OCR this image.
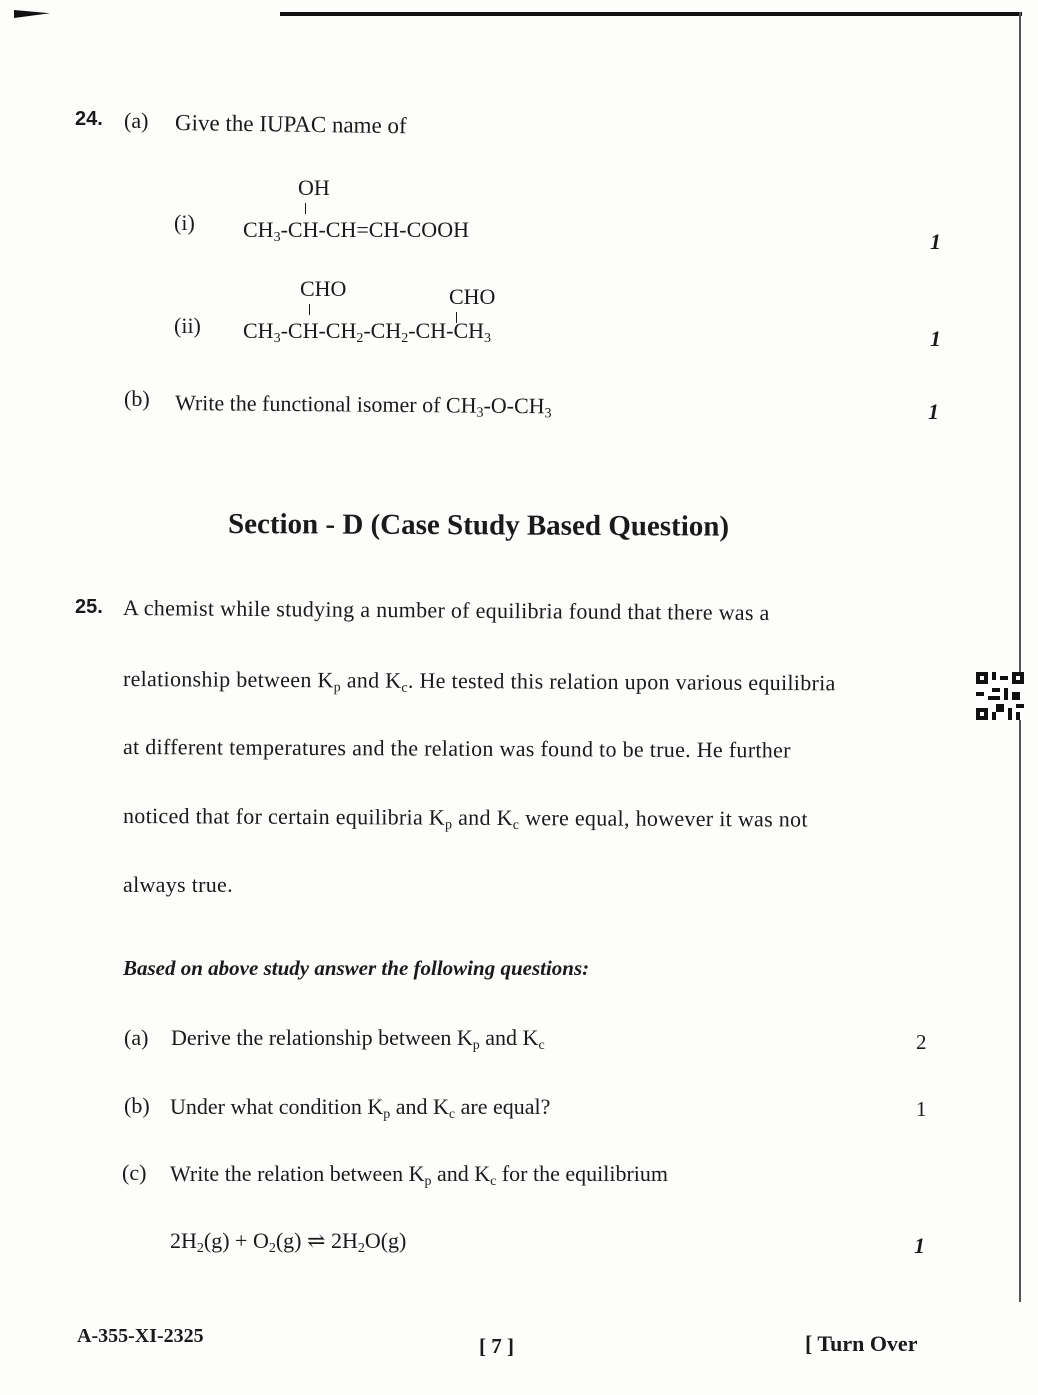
24. (a) Give the IUPAC name of
(i)
OH
$CH_3-CH-CH=CH$-COOH	1
(ii)
CHO	CHO
$CH_3-CH-CH_2-CH_2-CH-CH_3$	1
(b) Write the functional isomer of $CH_3-O-CH_3$	1
Section - D (Case Study Based Question)
25. A chemist while studying a number of equilibria found that there was a
relationship between $K_p$ and $K_c$. He tested this relation upon various equilibria
at different temperatures and the relation was found to be true. He further
noticed that for certain equilibria $K_p$ and $K_c$ were equal, however it was not
always true.
Based on above study answer the following questions:
(a) Derive the relationship between $K_p$ and $K_c$	2
(b) Under what condition $K_p$ and $K_c$ are equal?	1
(c) Write the relation between $K_p$ and $K_c$ for the equilibrium
$2H_2(g) + O_2(g)$ ⇌ $2H_2O(g)$	1
A-355-XI-2325	[ 7 ]	[ Turn Over
